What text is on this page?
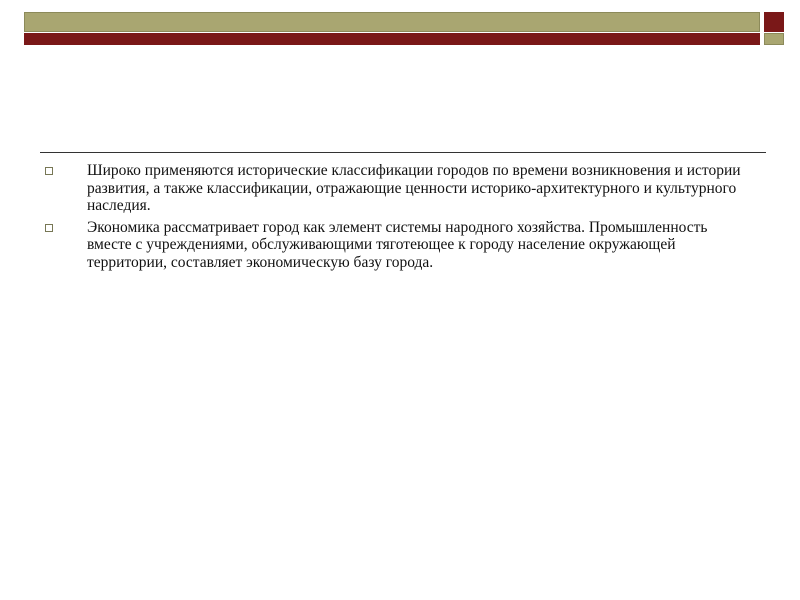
Широко применяются исторические классификации городов по времени возникновения и истории развития, а также классификации, отражающие ценности историко-архитектурного и культурного наследия.
Экономика рассматривает город как элемент системы народного хозяйства. Промышленность вместе с учреждениями, обслуживающими тяготеющее к городу население окружающей территории, составляет экономическую базу города.
